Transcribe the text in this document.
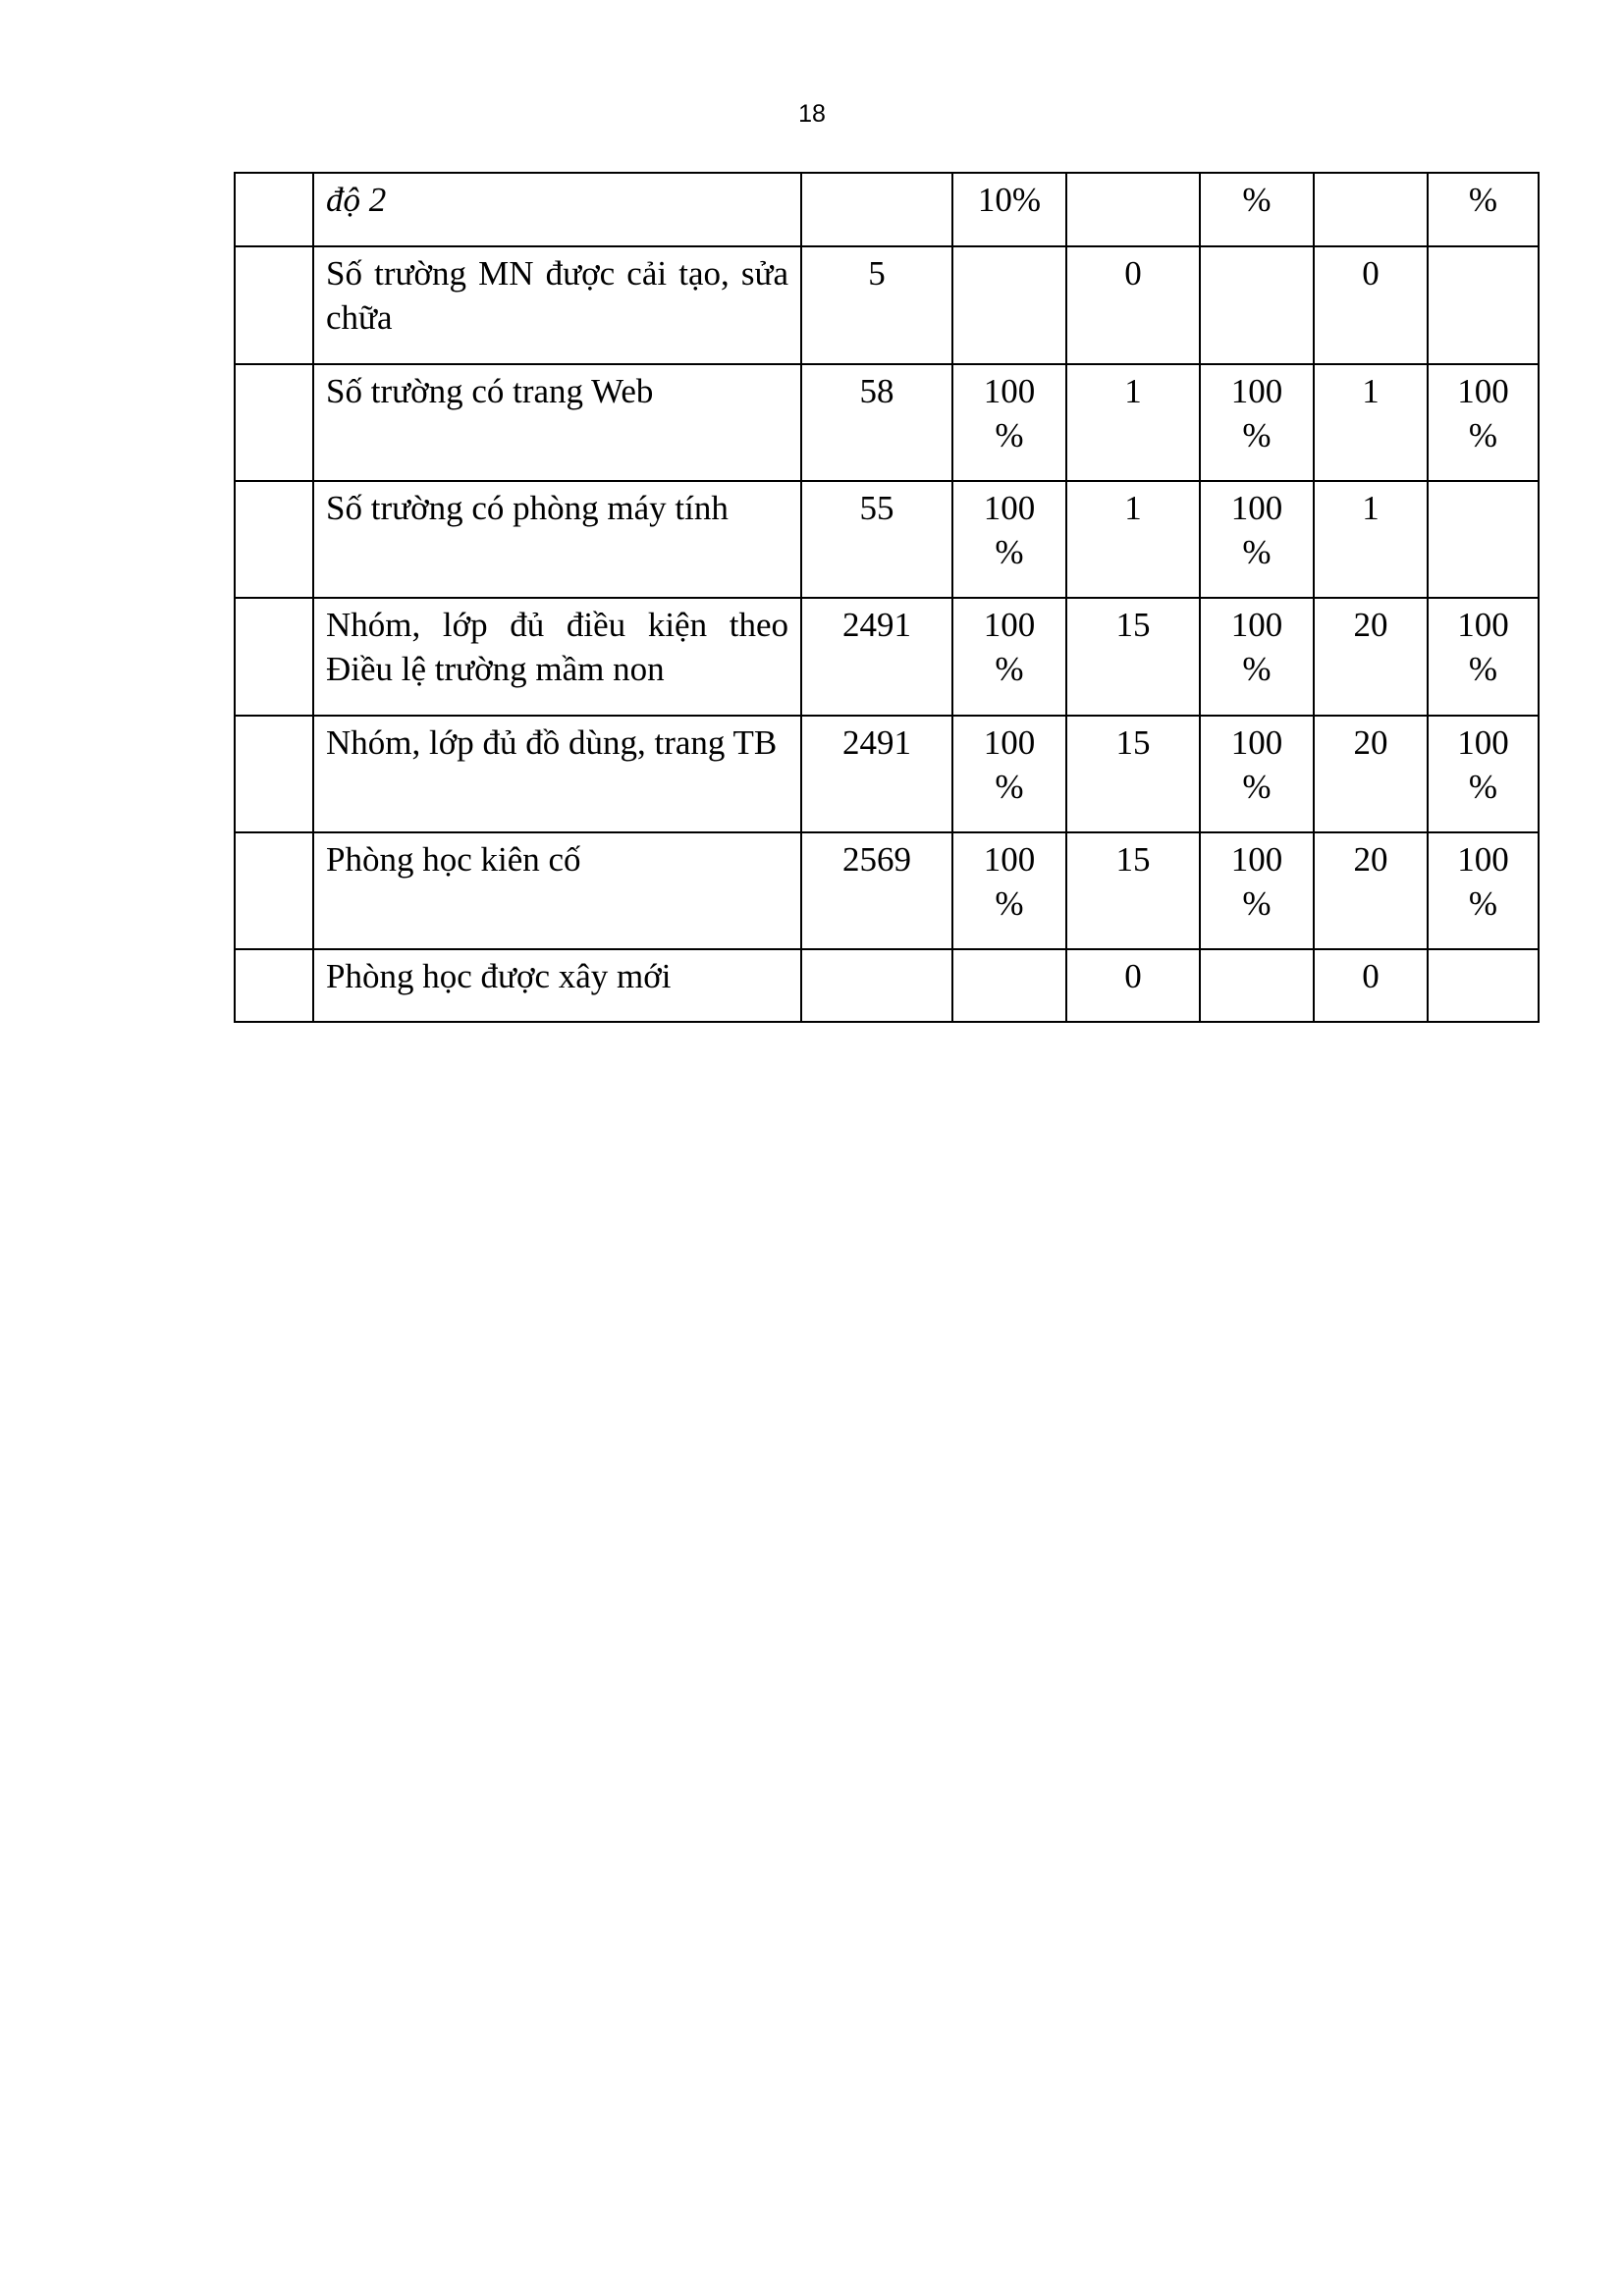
18
	độ 2		10%		%		%
	Số trường MN được cải tạo, sửa chữa	5		0		0	
	Số trường có trang Web	58	100 %	1	100 %	1	100 %
	Số trường có phòng máy tính	55	100 %	1	100 %	1	
	Nhóm, lớp đủ điều kiện theo Điều lệ trường mầm non	2491	100 %	15	100 %	20	100 %
	Nhóm, lớp đủ đồ dùng, trang TB	2491	100 %	15	100 %	20	100 %
	Phòng học kiên cố	2569	100 %	15	100 %	20	100 %
	Phòng học được xây mới			0		0	
